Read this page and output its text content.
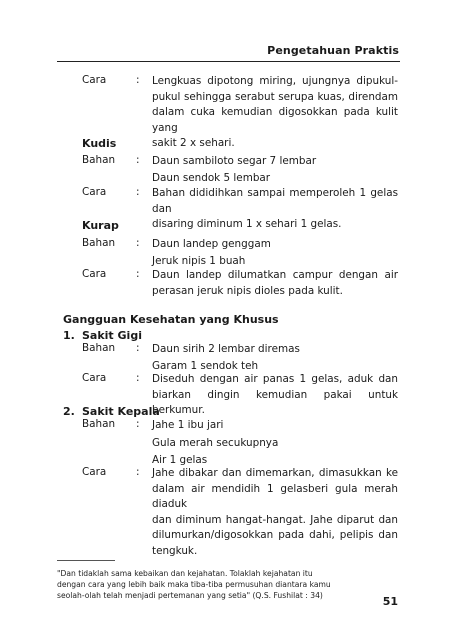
Pengetahuan Praktis
Cara	: Lengkuas dipotong miring, ujungnya dipukul-
pukul sehingga serabut serupa kuas, direndam
dalam cuka kemudian digosokkan pada kulit yang
sakit 2 x sehari.
Kudis
Bahan : Daun sambiloto segar 7 lembar
Daun sendok 5 lembar
Cara	: Bahan dididihkan sampai memperoleh 1 gelas dan
disaring diminum 1 x sehari 1 gelas.
Kurap
Bahan : Daun landep genggam
Jeruk nipis 1 buah
Cara	: Daun landep dilumatkan campur dengan air
perasan jeruk nipis dioles pada kulit.
Gangguan Kesehatan yang Khusus
1. Sakit Gigi
Bahan : Daun sirih 2 lembar diremas
Garam 1 sendok teh
Cara	: Diseduh dengan air panas 1 gelas, aduk dan
biarkan dingin kemudian pakai untuk berkumur.
2. Sakit Kepala
Bahan : Jahe 1 ibu jari
Gula merah secukupnya
Air 1 gelas
Cara	: Jahe dibakar dan dimemarkan, dimasukkan ke
dalam air mendidih 1 gelasberi gula merah diaduk
dan diminum hangat-hangat. Jahe diparut dan
dilumurkan/digosokkan pada dahi, pelipis dan
tengkuk.
"Dan tidaklah sama kebaikan dan kejahatan. Tolaklah kejahatan itu
dengan cara yang lebih baik maka tiba-tiba permusuhan diantara kamu
seolah-olah telah menjadi pertemanan yang setia" (Q.S. Fushilat : 34)	51
